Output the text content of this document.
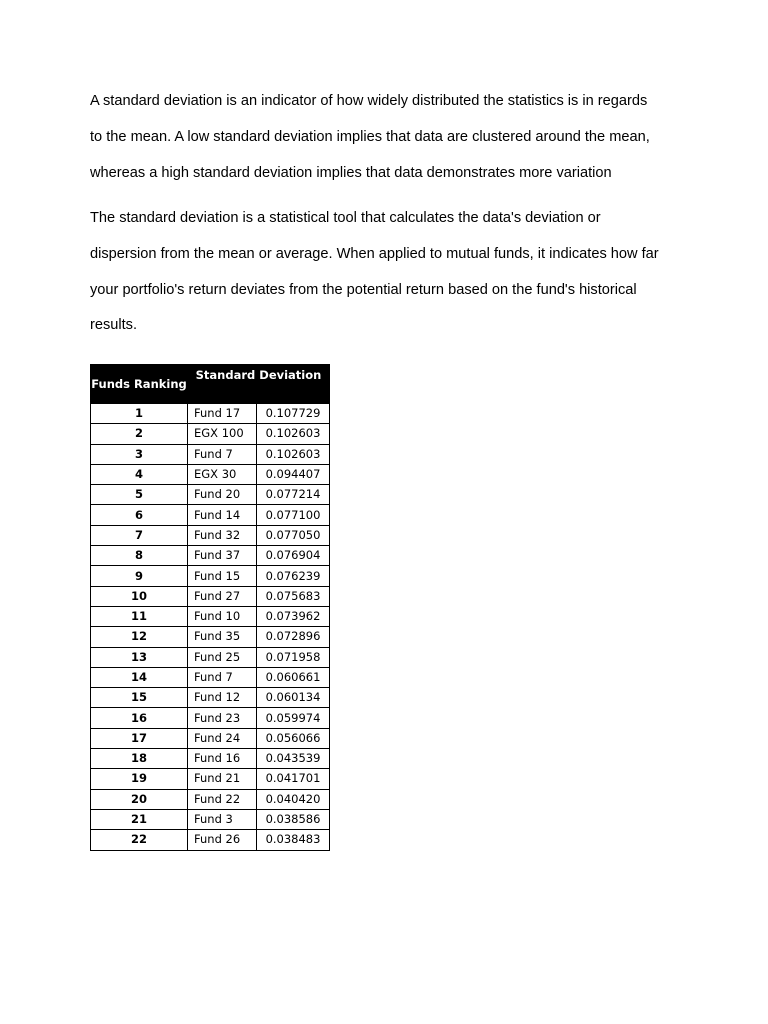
A standard deviation is an indicator of how widely distributed the statistics is in regards

to the mean. A low standard deviation implies that data are clustered around the mean,

whereas a high standard deviation implies that data demonstrates more variation

The standard deviation is a statistical tool that calculates the data's deviation or

dispersion from the mean or average. When applied to mutual funds, it indicates how far

your portfolio's return deviates from the potential return based on the fund's historical

results.

Funds Ranking	Standard Deviation	
1	Fund 17	0.107729
2	EGX 100	0.102603
3	Fund 7	0.102603
4	EGX 30	0.094407
5	Fund 20	0.077214
6	Fund 14	0.077100
7	Fund 32	0.077050
8	Fund 37	0.076904
9	Fund 15	0.076239
10	Fund 27	0.075683
11	Fund 10	0.073962
12	Fund 35	0.072896
13	Fund 25	0.071958
14	Fund 7	0.060661
15	Fund 12	0.060134
16	Fund 23	0.059974
17	Fund 24	0.056066
18	Fund 16	0.043539
19	Fund 21	0.041701
20	Fund 22	0.040420
21	Fund 3	0.038586
22	Fund 26	0.038483
